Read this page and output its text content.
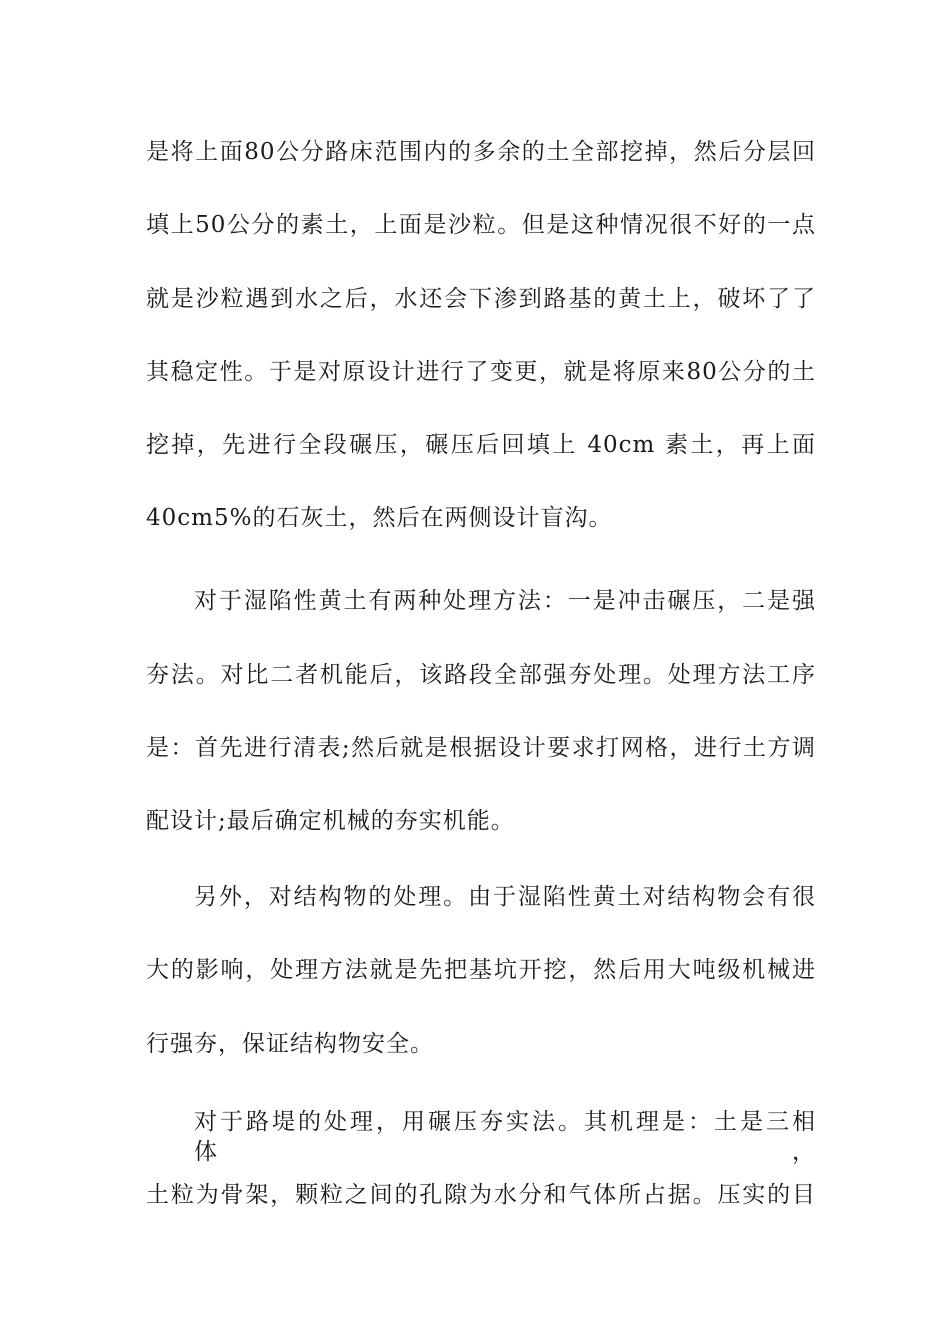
是将上面80公分路床范围内的多余的土全部挖掉，然后分层回
填上50公分的素土，上面是沙粒。但是这种情况很不好的一点
就是沙粒遇到水之后，水还会下渗到路基的黄土上，破坏了了
其稳定性。于是对原设计进行了变更，就是将原来80公分的土
挖掉，先进行全段碾压，碾压后回填上 40cm 素土，再上面
40cm5%的石灰土，然后在两侧设计盲沟。
对于湿陷性黄土有两种处理方法：一是冲击碾压，二是强
夯法。对比二者机能后，该路段全部强夯处理。处理方法工序
是：首先进行清表;然后就是根据设计要求打网格，进行土方调
配设计;最后确定机械的夯实机能。
另外，对结构物的处理。由于湿陷性黄土对结构物会有很
大的影响，处理方法就是先把基坑开挖，然后用大吨级机械进
行强夯，保证结构物安全。
对于路堤的处理，用碾压夯实法。其机理是：土是三相体，
土粒为骨架，颗粒之间的孔隙为水分和气体所占据。压实的目
